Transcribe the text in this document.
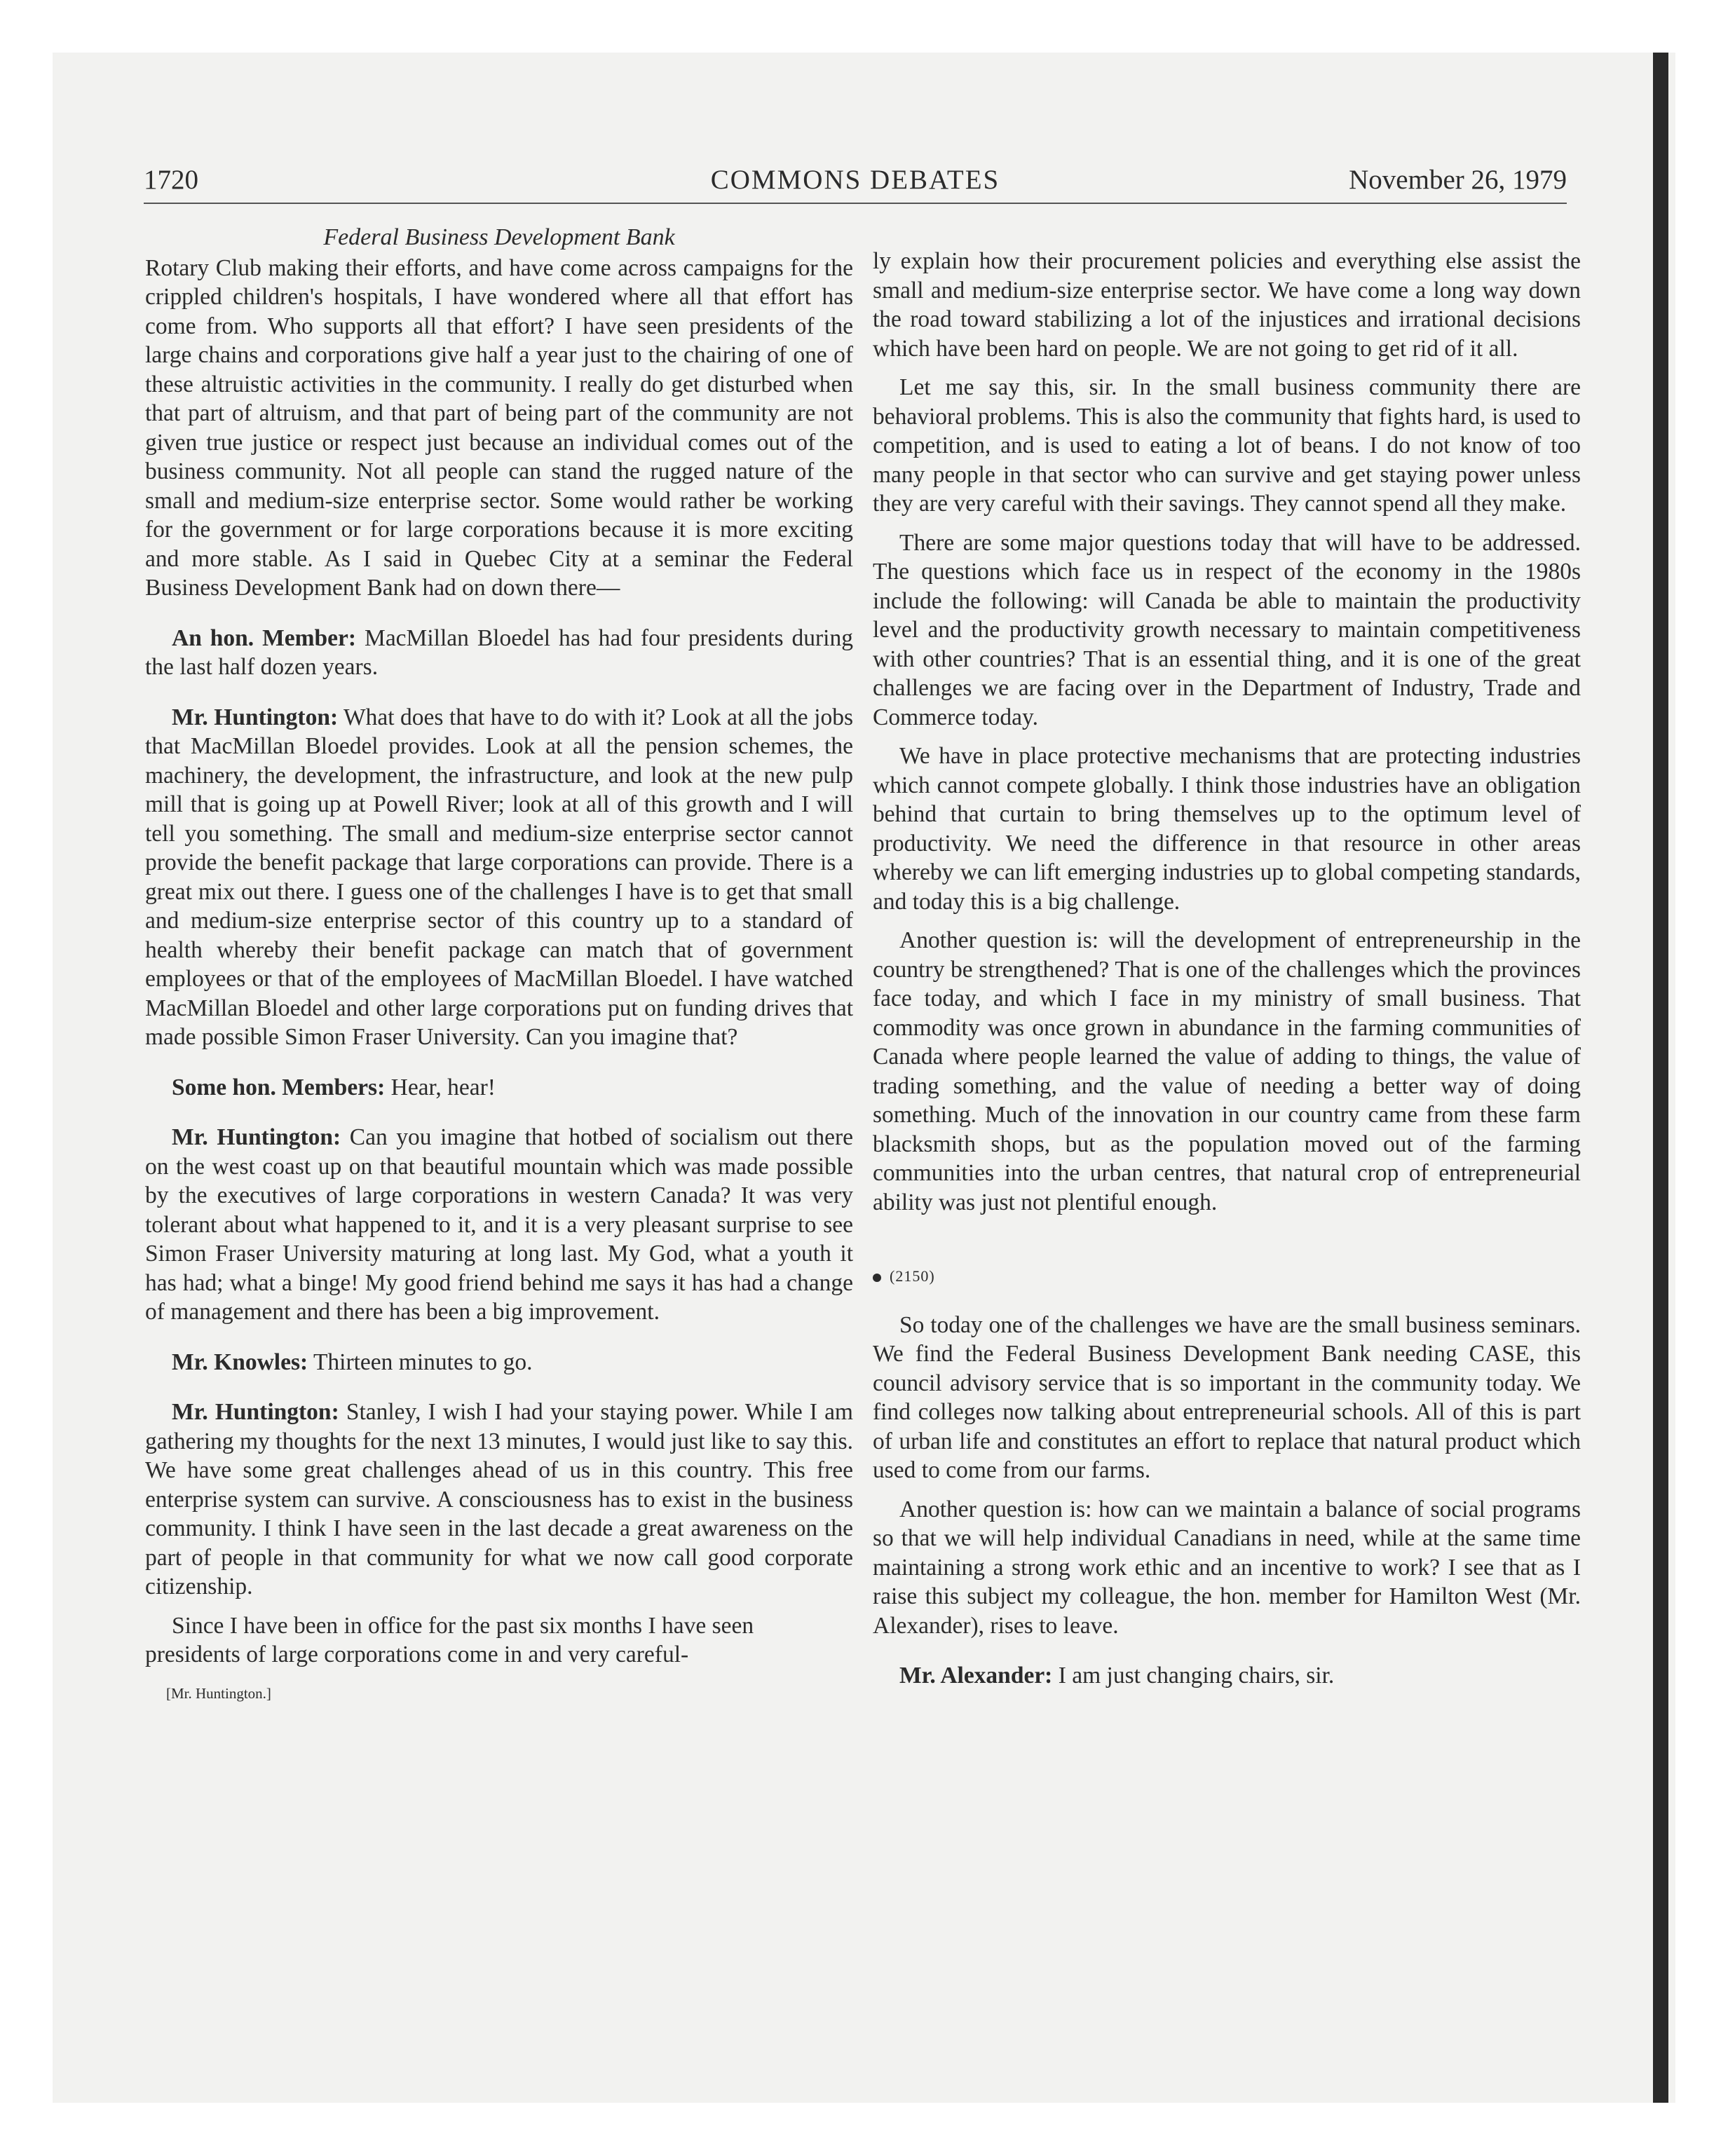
1720	COMMONS DEBATES	November 26, 1979
Federal Business Development Bank

Rotary Club making their efforts, and have come across campaigns for the crippled children's hospitals, I have wondered where all that effort has come from. Who supports all that effort? I have seen presidents of the large chains and corporations give half a year just to the chairing of one of these altruistic activities in the community. I really do get disturbed when that part of altruism, and that part of being part of the community are not given true justice or respect just because an individual comes out of the business community. Not all people can stand the rugged nature of the small and medium-size enterprise sector. Some would rather be working for the government or for large corporations because it is more exciting and more stable. As I said in Quebec City at a seminar the Federal Business Development Bank had on down there—

An hon. Member: MacMillan Bloedel has had four presidents during the last half dozen years.

Mr. Huntington: What does that have to do with it? Look at all the jobs that MacMillan Bloedel provides. Look at all the pension schemes, the machinery, the development, the infrastructure, and look at the new pulp mill that is going up at Powell River; look at all of this growth and I will tell you something. The small and medium-size enterprise sector cannot provide the benefit package that large corporations can provide. There is a great mix out there. I guess one of the challenges I have is to get that small and medium-size enterprise sector of this country up to a standard of health whereby their benefit package can match that of government employees or that of the employees of MacMillan Bloedel. I have watched MacMillan Bloedel and other large corporations put on funding drives that made possible Simon Fraser University. Can you imagine that?

Some hon. Members: Hear, hear!

Mr. Huntington: Can you imagine that hotbed of socialism out there on the west coast up on that beautiful mountain which was made possible by the executives of large corporations in western Canada? It was very tolerant about what happened to it, and it is a very pleasant surprise to see Simon Fraser University maturing at long last. My God, what a youth it has had; what a binge! My good friend behind me says it has had a change of management and there has been a big improvement.

Mr. Knowles: Thirteen minutes to go.

Mr. Huntington: Stanley, I wish I had your staying power. While I am gathering my thoughts for the next 13 minutes, I would just like to say this. We have some great challenges ahead of us in this country. This free enterprise system can survive. A consciousness has to exist in the business community. I think I have seen in the last decade a great awareness on the part of people in that community for what we now call good corporate citizenship.

Since I have been in office for the past six months I have seen presidents of large corporations come in and very careful-

[Mr. Huntington.]

ly explain how their procurement policies and everything else assist the small and medium-size enterprise sector. We have come a long way down the road toward stabilizing a lot of the injustices and irrational decisions which have been hard on people. We are not going to get rid of it all.

Let me say this, sir. In the small business community there are behavioral problems. This is also the community that fights hard, is used to competition, and is used to eating a lot of beans. I do not know of too many people in that sector who can survive and get staying power unless they are very careful with their savings. They cannot spend all they make.

There are some major questions today that will have to be addressed. The questions which face us in respect of the economy in the 1980s include the following: will Canada be able to maintain the productivity level and the productivity growth necessary to maintain competitiveness with other countries? That is an essential thing, and it is one of the great challenges we are facing over in the Department of Industry, Trade and Commerce today.

We have in place protective mechanisms that are protecting industries which cannot compete globally. I think those industries have an obligation behind that curtain to bring themselves up to the optimum level of productivity. We need the difference in that resource in other areas whereby we can lift emerging industries up to global competing standards, and today this is a big challenge.

Another question is: will the development of entrepreneurship in the country be strengthened? That is one of the challenges which the provinces face today, and which I face in my ministry of small business. That commodity was once grown in abundance in the farming communities of Canada where people learned the value of adding to things, the value of trading something, and the value of needing a better way of doing something. Much of the innovation in our country came from these farm blacksmith shops, but as the population moved out of the farming communities into the urban centres, that natural crop of entrepreneurial ability was just not plentiful enough.

(2150)

So today one of the challenges we have are the small business seminars. We find the Federal Business Development Bank needing CASE, this council advisory service that is so important in the community today. We find colleges now talking about entrepreneurial schools. All of this is part of urban life and constitutes an effort to replace that natural product which used to come from our farms.

Another question is: how can we maintain a balance of social programs so that we will help individual Canadians in need, while at the same time maintaining a strong work ethic and an incentive to work? I see that as I raise this subject my colleague, the hon. member for Hamilton West (Mr. Alexander), rises to leave.

Mr. Alexander: I am just changing chairs, sir.
